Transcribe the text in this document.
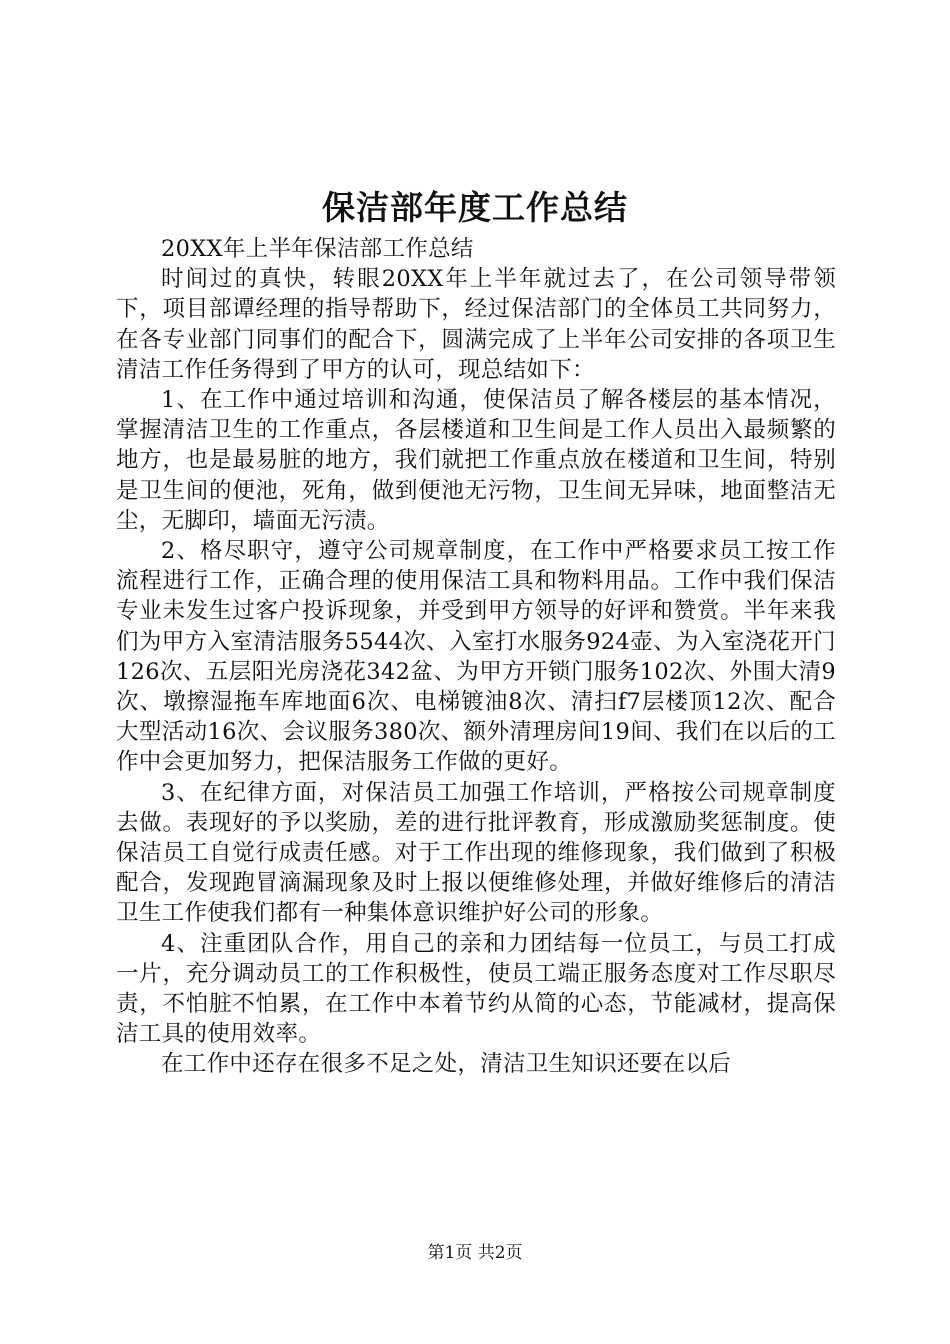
保洁部年度工作总结

20XX年上半年保洁部工作总结

时间过的真快，转眼20XX年上半年就过去了，在公司领导带领下，项目部谭经理的指导帮助下，经过保洁部门的全体员工共同努力，在各专业部门同事们的配合下，圆满完成了上半年公司安排的各项卫生清洁工作任务得到了甲方的认可，现总结如下：

1、在工作中通过培训和沟通，使保洁员了解各楼层的基本情况，掌握清洁卫生的工作重点，各层楼道和卫生间是工作人员出入最频繁的地方，也是最易脏的地方，我们就把工作重点放在楼道和卫生间，特别是卫生间的便池，死角，做到便池无污物，卫生间无异味，地面整洁无尘，无脚印，墙面无污渍。

2、格尽职守，遵守公司规章制度，在工作中严格要求员工按工作流程进行工作，正确合理的使用保洁工具和物料用品。工作中我们保洁专业未发生过客户投诉现象，并受到甲方领导的好评和赞赏。半年来我们为甲方入室清洁服务5544次、入室打水服务924壶、为入室浇花开门126次、五层阳光房浇花342盆、为甲方开锁门服务102次、外围大清9次、墩擦湿拖车库地面6次、电梯镀油8次、清扫f7层楼顶12次、配合大型活动16次、会议服务380次、额外清理房间19间、我们在以后的工作中会更加努力，把保洁服务工作做的更好。

3、在纪律方面，对保洁员工加强工作培训，严格按公司规章制度去做。表现好的予以奖励，差的进行批评教育，形成激励奖惩制度。使保洁员工自觉行成责任感。对于工作出现的维修现象，我们做到了积极配合，发现跑冒滴漏现象及时上报以便维修处理，并做好维修后的清洁卫生工作使我们都有一种集体意识维护好公司的形象。

4、注重团队合作，用自己的亲和力团结每一位员工，与员工打成一片，充分调动员工的工作积极性，使员工端正服务态度对工作尽职尽责，不怕脏不怕累，在工作中本着节约从简的心态，节能减材，提高保洁工具的使用效率。

在工作中还存在很多不足之处，清洁卫生知识还要在以后

第1页 共2页
